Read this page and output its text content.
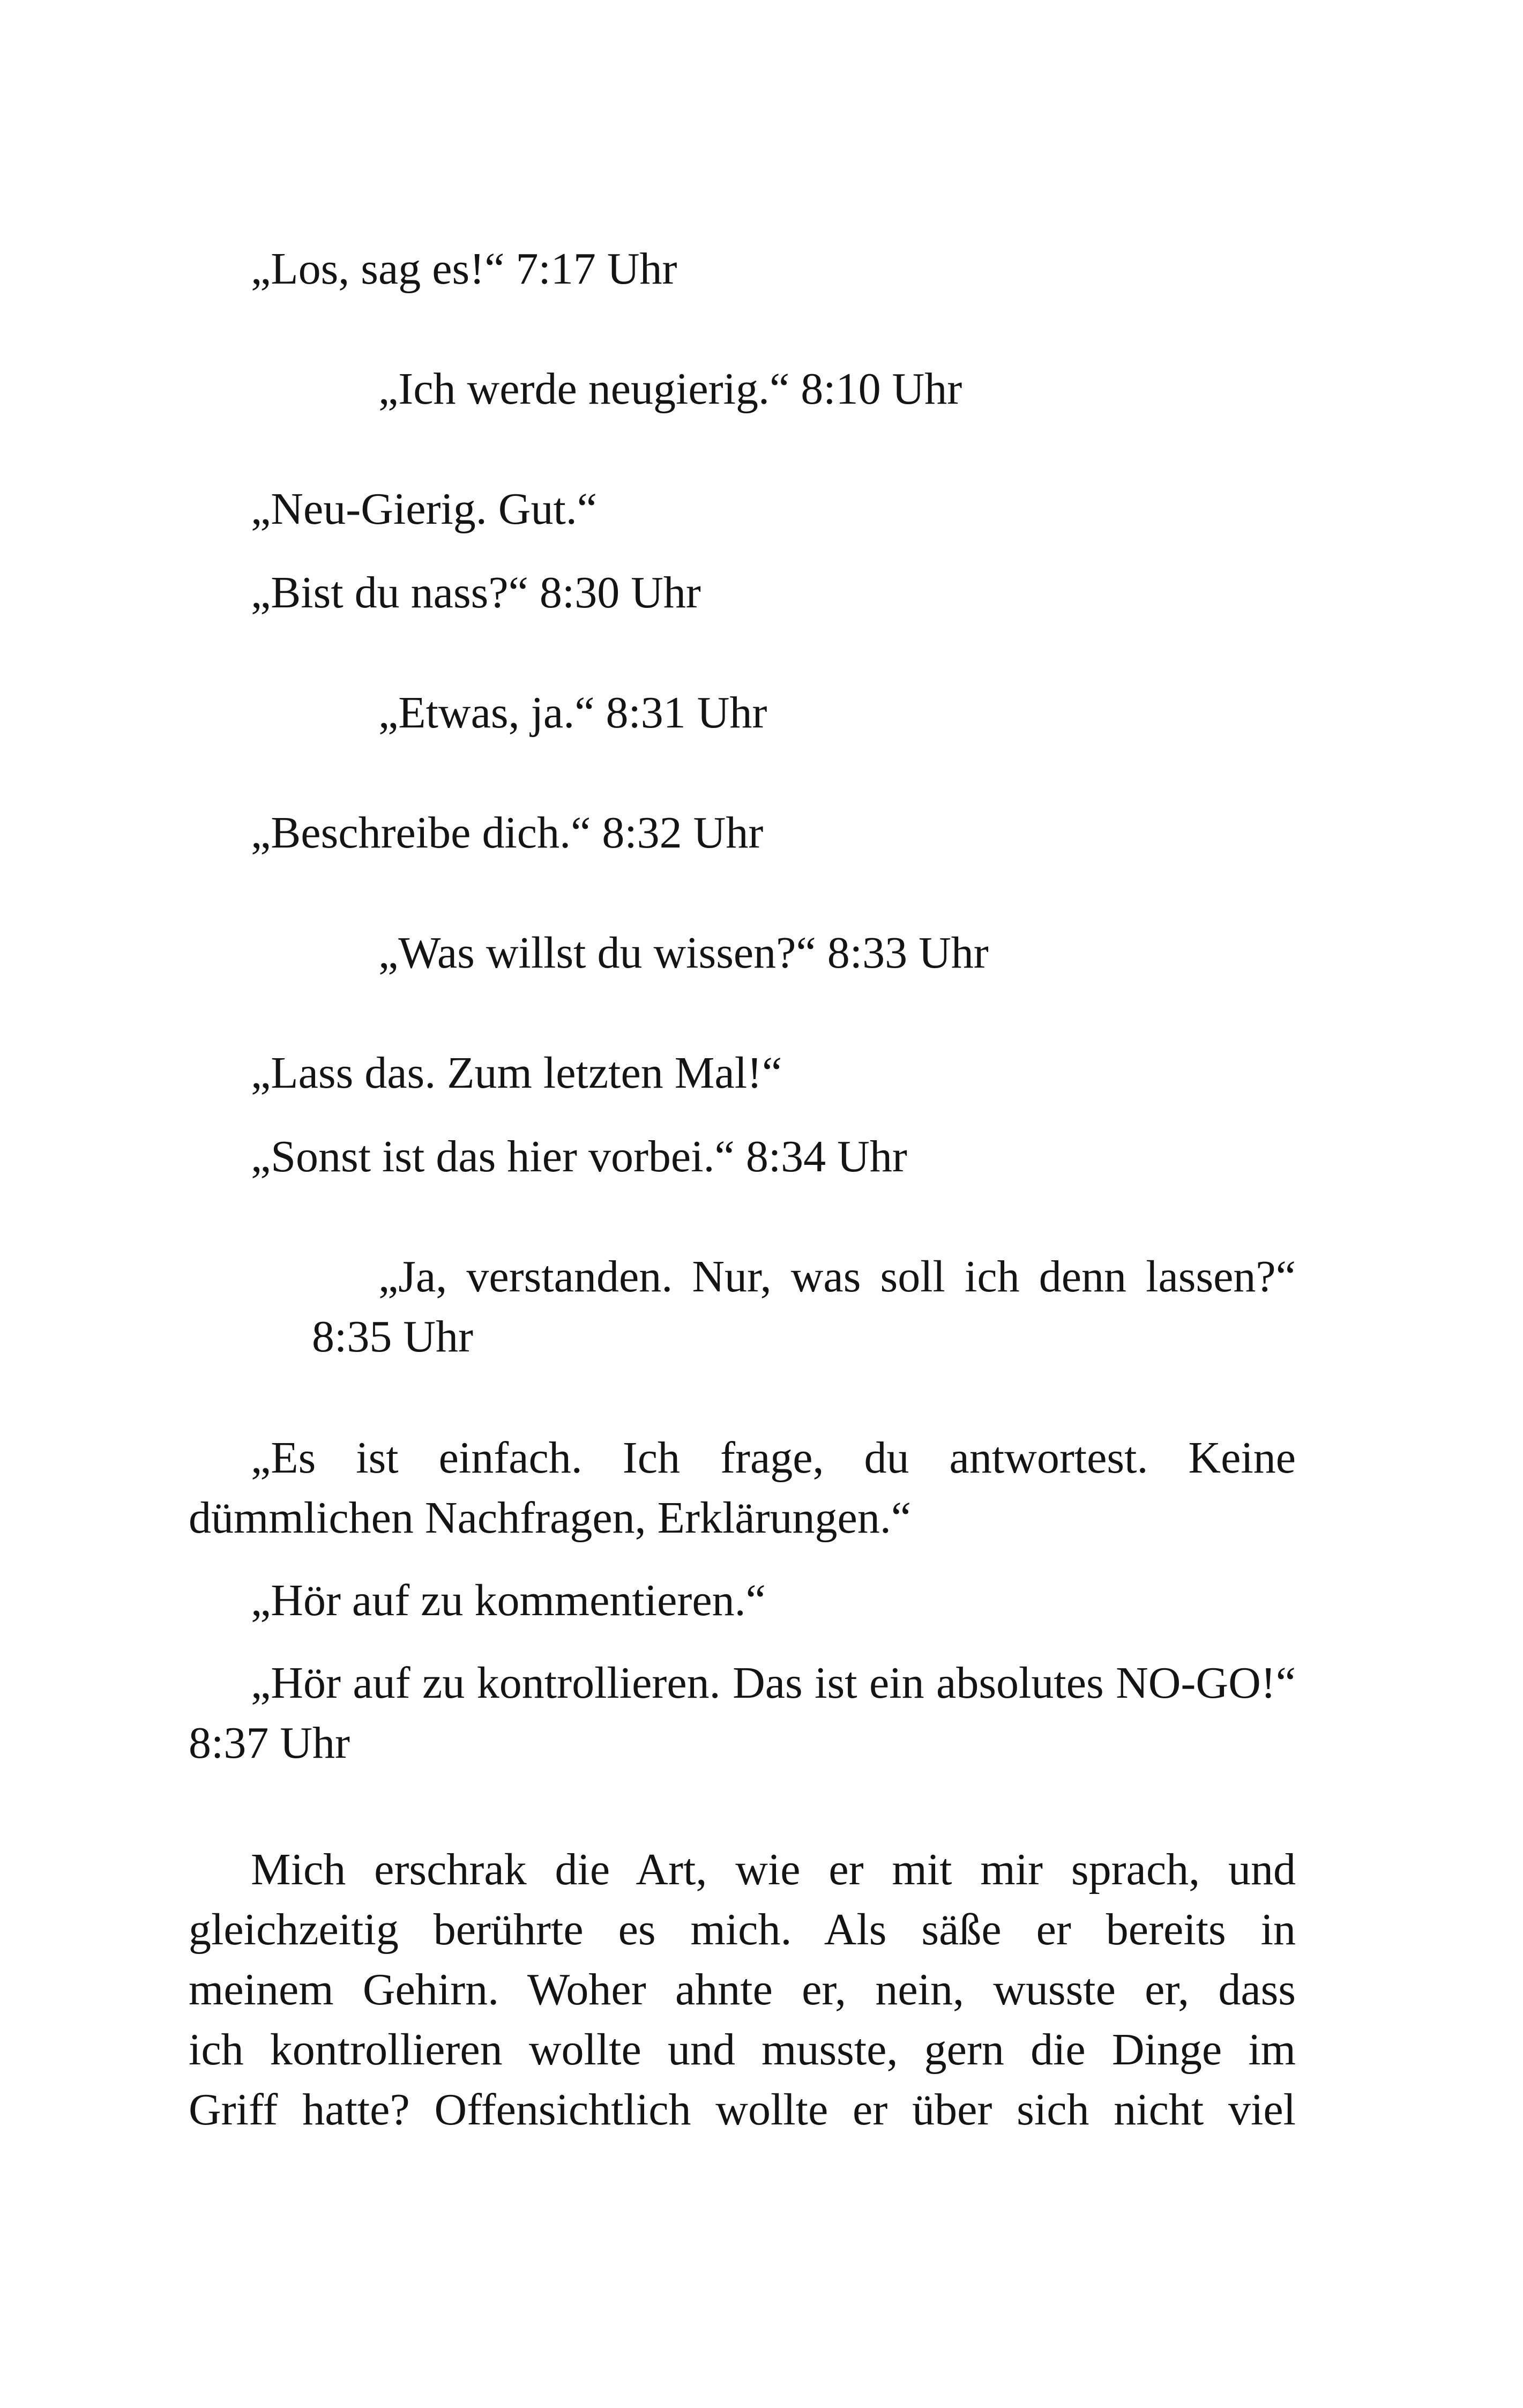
„Los, sag es!“ 7:17 Uhr

„Ich werde neugierig.“ 8:10 Uhr

„Neu-Gierig. Gut.“

„Bist du nass?“ 8:30 Uhr

„Etwas, ja.“ 8:31 Uhr

„Beschreibe dich.“ 8:32 Uhr

„Was willst du wissen?“ 8:33 Uhr

„Lass das. Zum letzten Mal!“

„Sonst ist das hier vorbei.“ 8:34 Uhr

„Ja, verstanden. Nur, was soll ich denn lassen?“ 8:35 Uhr

„Es ist einfach. Ich frage, du antwortest. Keine dümmlichen Nachfragen, Erklärungen.“

„Hör auf zu kommentieren.“

„Hör auf zu kontrollieren. Das ist ein absolutes NO-GO!“ 8:37 Uhr

Mich erschrak die Art, wie er mit mir sprach, und
gleichzeitig berührte es mich. Als säße er bereits in
meinem Gehirn. Woher ahnte er, nein, wusste er, dass
ich kontrollieren wollte und musste, gern die Dinge im
Griff hatte? Offensichtlich wollte er über sich nicht viel
